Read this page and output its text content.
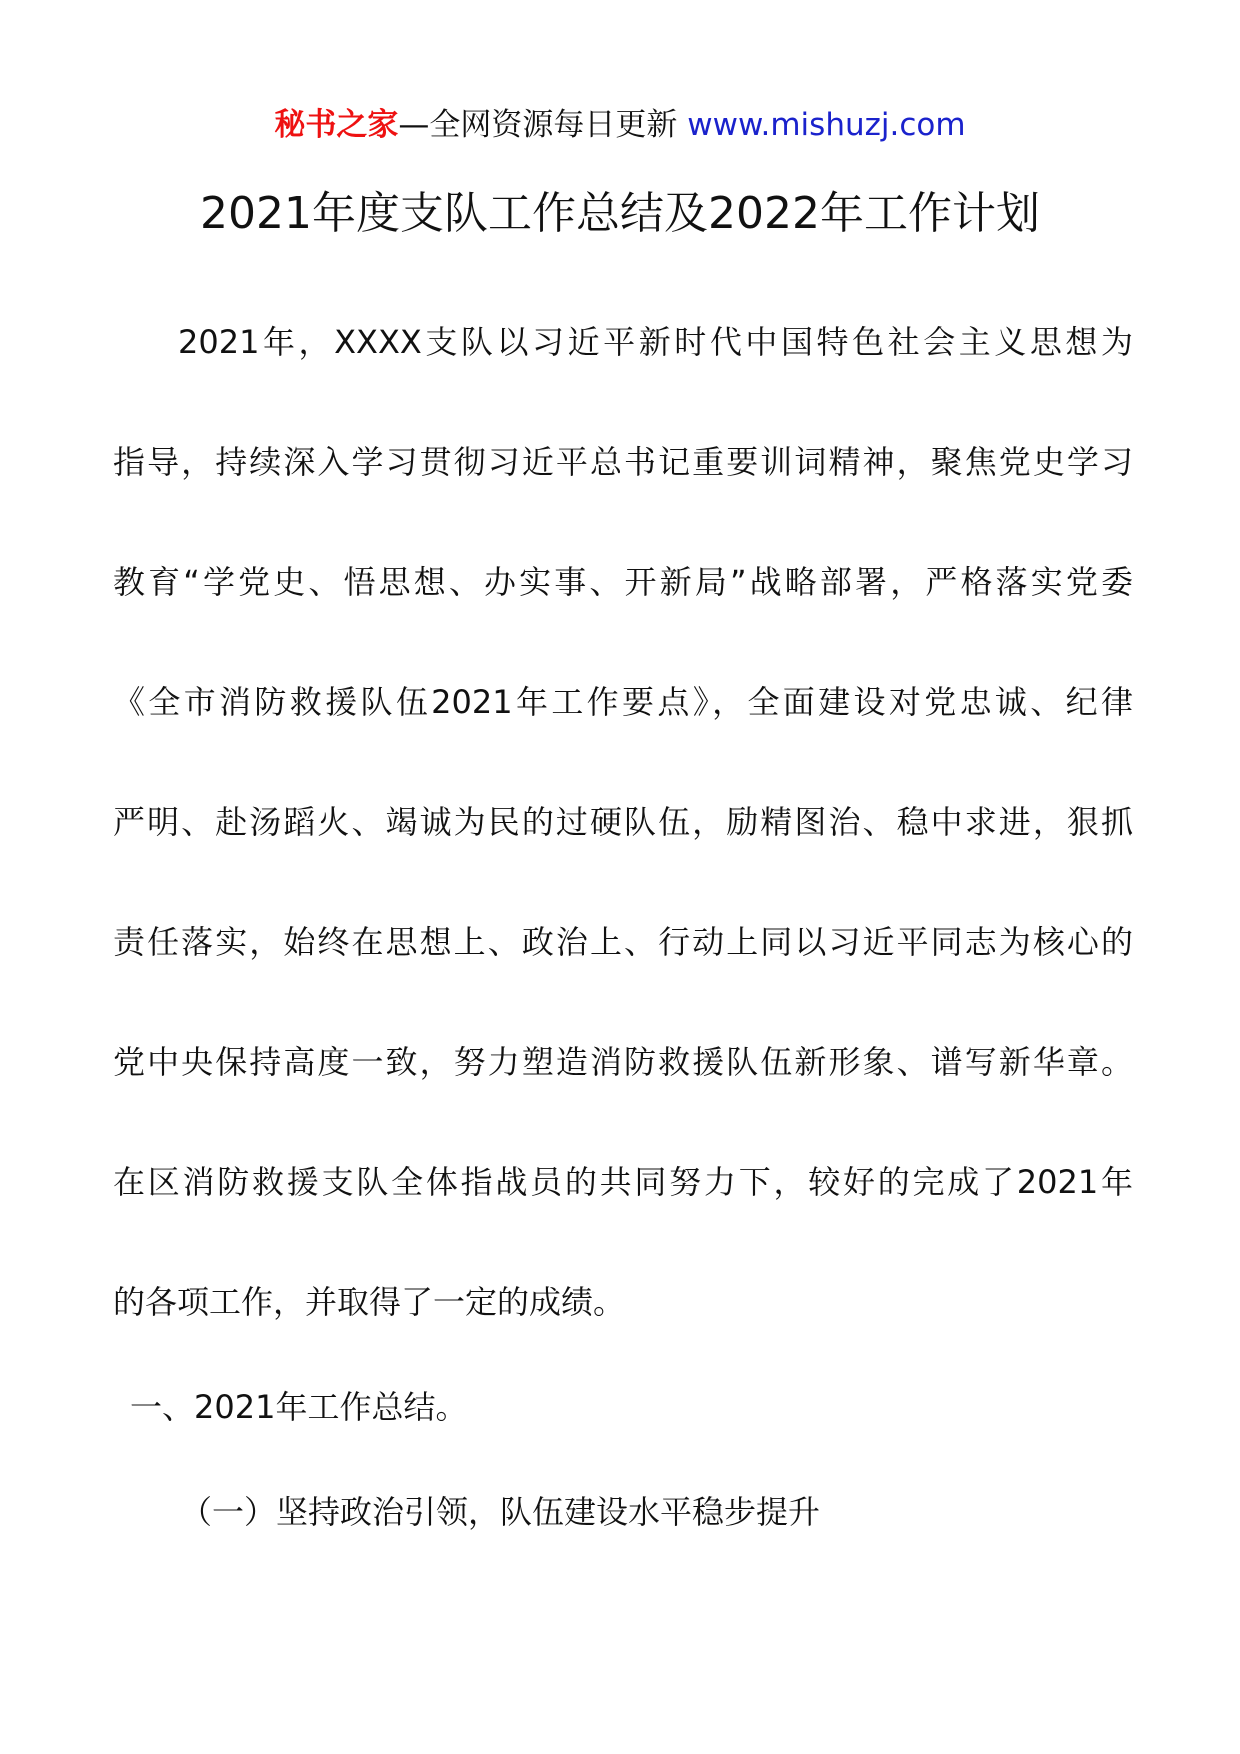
秘书之家—全网资源每日更新 www.mishuzj.com
2021年度支队工作总结及2022年工作计划
2021年，XXXX支队以习近平新时代中国特色社会主义思想为
指导，持续深入学习贯彻习近平总书记重要训词精神，聚焦党史学习
教育“学党史、悟思想、办实事、开新局”战略部署，严格落实党委
《全市消防救援队伍2021年工作要点》，全面建设对党忠诚、纪律
严明、赴汤蹈火、竭诚为民的过硬队伍，励精图治、稳中求进，狠抓
责任落实，始终在思想上、政治上、行动上同以习近平同志为核心的
党中央保持高度一致，努力塑造消防救援队伍新形象、谱写新华章。
在区消防救援支队全体指战员的共同努力下，较好的完成了2021年
的各项工作，并取得了一定的成绩。
一、2021年工作总结。
（一）坚持政治引领，队伍建设水平稳步提升
